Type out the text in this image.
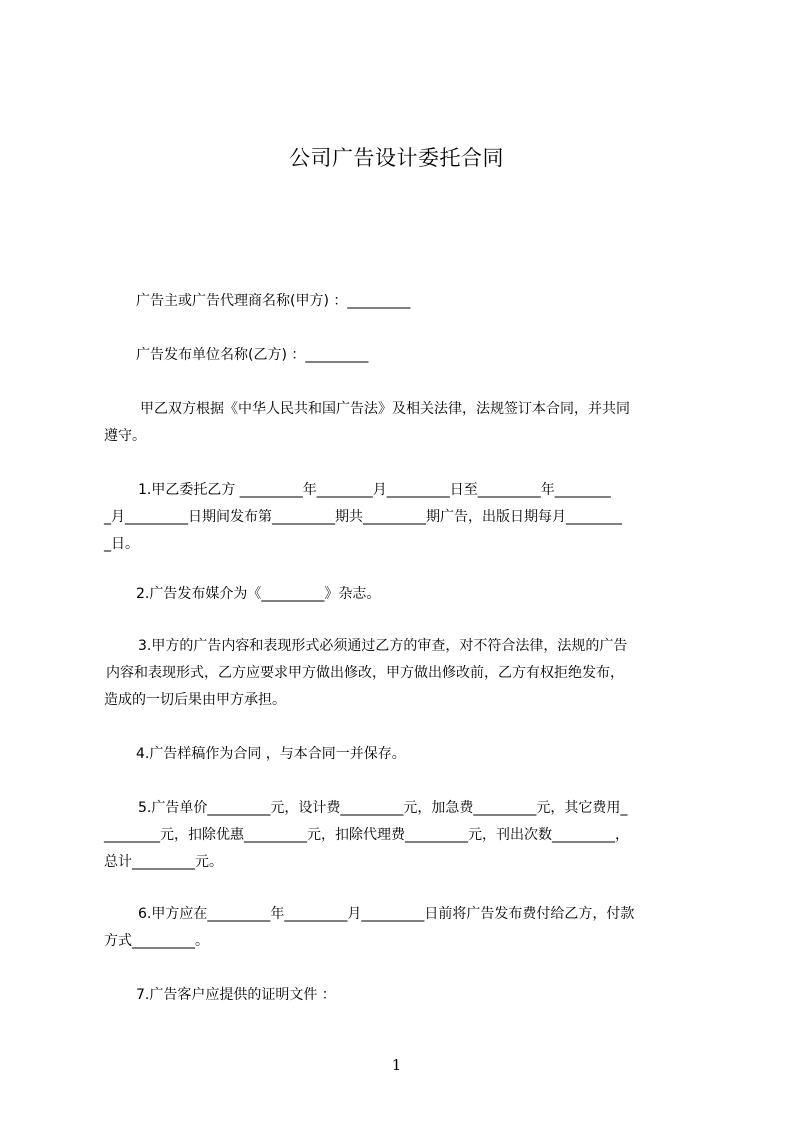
公司广告设计委托合同
广告主或广告代理商名称(甲方) ：_________
广告发布单位名称(乙方) ：_________
甲乙双方根据《中华人民共和国广告法》及相关法律，法规签订本合同，并共同
遵守。
1.甲乙委托乙方 _________年________月_________日至_________年________
_月_________日期间发布第_________期共_________期广告，出版日期每月________
_日。
2.广告发布媒介为《_________》杂志。
3.甲方的广告内容和表现形式必须通过乙方的审查，对不符合法律，法规的广告
内容和表现形式，乙方应要求甲方做出修改，甲方做出修改前，乙方有权拒绝发布，
造成的一切后果由甲方承担。
4.广告样稿作为合同 ，与本合同一并保存。
5.广告单价_________元，设计费_________元，加急费_________元，其它费用_
________元，扣除优惠_________元，扣除代理费_________元，刊出次数_________，
总计_________元。
6.甲方应在_________年_________月_________日前将广告发布费付给乙方，付款
方式_________。
7.广告客户应提供的证明文件 ：
1
